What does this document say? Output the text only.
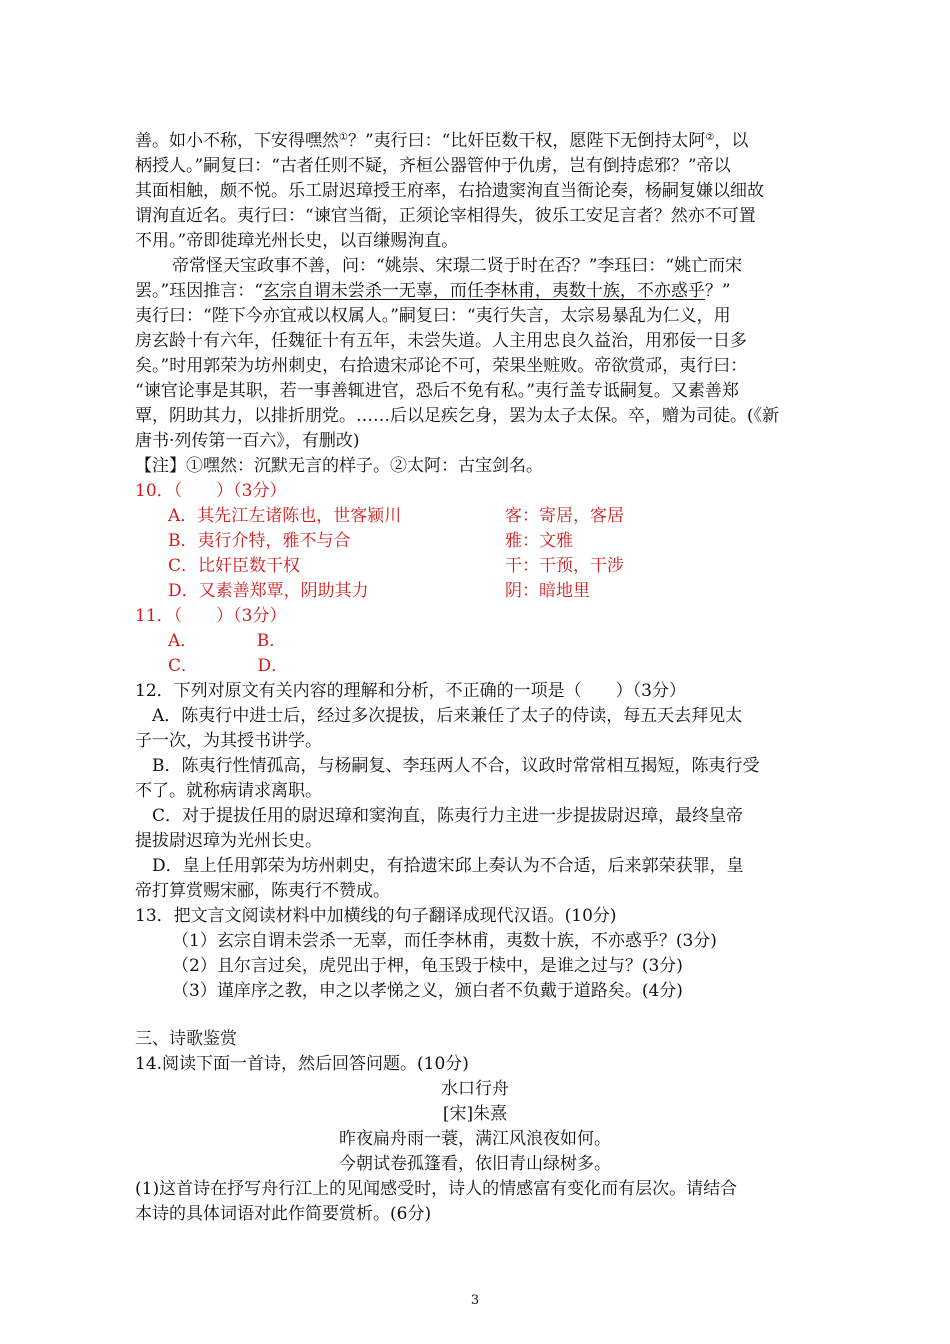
善。如小不称，下安得嘿然①？”夷行曰：“比奸臣数干权，愿陛下无倒持太阿②，以
柄授人。”嗣复曰：“古者任则不疑，齐桓公器管仲于仇虏，岂有倒持虑邪？”帝以
其面相触，颇不悦。乐工尉迟璋授王府率，右拾遗窦洵直当衙论奏，杨嗣复嫌以细故
谓洵直近名。夷行曰：“谏官当衙，正须论宰相得失，彼乐工安足言者？然亦不可置
不用。”帝即徙璋光州长史，以百缣赐洵直。
帝常怪天宝政事不善，问：“姚崇、宋璟二贤于时在否？”李珏曰：“姚亡而宋
罢。”珏因推言：“玄宗自谓未尝杀一无辜，而任李林甫，夷数十族，不亦惑乎？”
夷行曰：“陛下今亦宜戒以权属人。”嗣复曰：“夷行失言，太宗易暴乱为仁义，用
房玄龄十有六年，任魏征十有五年，未尝失道。人主用忠良久益治，用邪佞一日多
矣。”时用郭荣为坊州刺史，右拾遗宋邧论不可，荣果坐赃败。帝欲赏邧，夷行曰：
“谏官论事是其职，若一事善辄进官，恐后不免有私。”夷行盖专诋嗣复。又素善郑
覃，阴助其力，以排折朋党。……后以足疾乞身，罢为太子太保。卒，赠为司徒。(《新
唐书·列传第一百六》，有删改)
【注】①嘿然：沉默无言的样子。②太阿：古宝剑名。
10．（　　）（3分）
A．其先江左诸陈也，世客颍川	客：寄居，客居
B．夷行介特，雅不与合	雅：文雅
C．比奸臣数干权	干：干预，干涉
D．又素善郑覃，阴助其力	阴：暗地里
11．（　　）（3分）
A．　　　　B．
C．　　　　D．
12．下列对原文有关内容的理解和分析，不正确的一项是（　　）（3分）
　A．陈夷行中进士后，经过多次提拔，后来兼任了太子的侍读，每五天去拜见太
子一次，为其授书讲学。
　B．陈夷行性情孤高，与杨嗣复、李珏两人不合，议政时常常相互揭短，陈夷行受
不了。就称病请求离职。
　C．对于提拔任用的尉迟璋和窦洵直，陈夷行力主进一步提拔尉迟璋，最终皇帝
提拔尉迟璋为光州长史。
　D．皇上任用郭荣为坊州刺史，有拾遗宋邱上奏认为不合适，后来郭荣获罪，皇
帝打算赏赐宋郦，陈夷行不赞成。
13．把文言文阅读材料中加横线的句子翻译成现代汉语。(10分)
（1）玄宗自谓未尝杀一无辜，而任李林甫，夷数十族，不亦惑乎？(3分)
（2）且尔言过矣，虎兕出于柙，龟玉毁于椟中，是谁之过与？(3分)
（3）谨庠序之教，申之以孝悌之义，颁白者不负戴于道路矣。(4分)
三、诗歌鉴赏
14.阅读下面一首诗，然后回答问题。(10分)
水口行舟
[宋]朱熹
昨夜扁舟雨一蓑，满江风浪夜如何。
今朝试卷孤篷看，依旧青山绿树多。
(1)这首诗在抒写舟行江上的见闻感受时，诗人的情感富有变化而有层次。请结合
本诗的具体词语对此作简要赏析。(6分)
3
